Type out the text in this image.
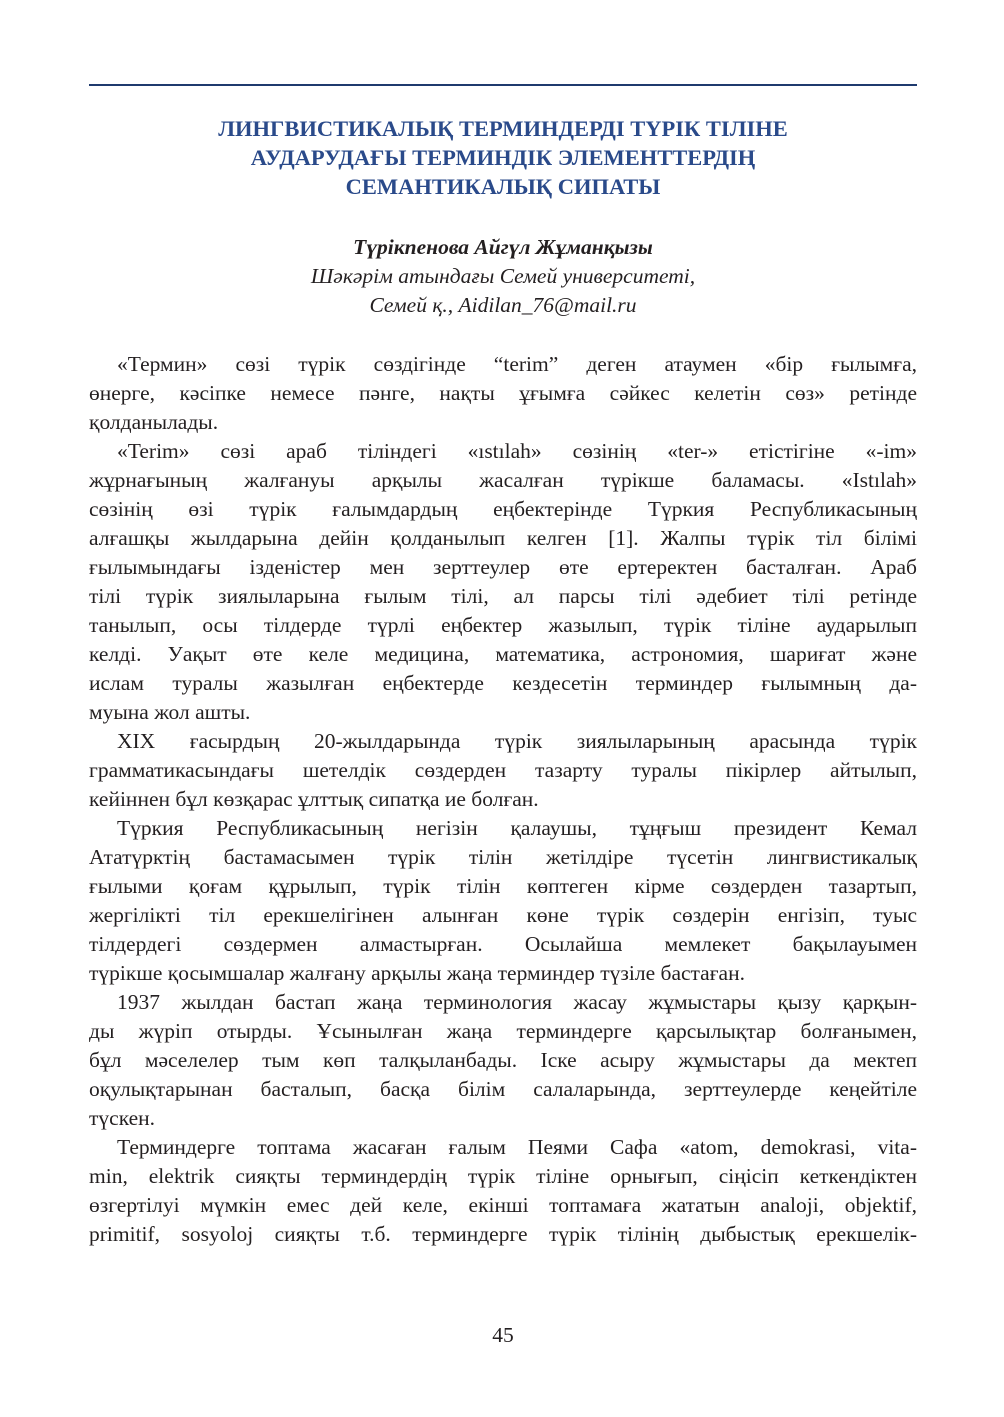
ЛИНГВИСТИКАЛЫҚ ТЕРМИНДЕРДІ ТҮРІК ТІЛІНЕ
АУДАРУДАҒЫ ТЕРМИНДІК ЭЛЕМЕНТТЕРДІҢ
СЕМАНТИКАЛЫҚ СИПАТЫ
Түрікпенова Айгүл Жұманқызы
Шәкәрім атындағы Семей университеті,
Семей қ., Aidilan_76@mail.ru
«Термин» сөзі түрік сөздігінде “terim” деген атаумен «бір ғылымға,
өнерге, кәсіпке немесе пәнге, нақты ұғымға сәйкес келетін сөз» ретінде
қолданылады.
«Terim» сөзі араб тіліндегі «ıstılah» сөзінің «ter-» етістігіне «-im»
жұрнағының жалғануы арқылы жасалған түрікше баламасы. «Istılah»
сөзінің өзі түрік ғалымдардың еңбектерінде Түркия Республикасының
алғашқы жылдарына дейін қолданылып келген [1]. Жалпы түрік тіл білімі
ғылымындағы ізденістер мен зерттеулер өте ертеректен басталған. Араб
тілі түрік зиялыларына ғылым тілі, ал парсы тілі әдебиет тілі ретінде
танылып, осы тілдерде түрлі еңбектер жазылып, түрік тіліне аударылып
келді. Уақыт өте келе медицина, математика, астрономия, шариғат және
ислам туралы жазылған еңбектерде кездесетін терминдер ғылымның да-
муына жол ашты.
XIX ғасырдың 20-жылдарында түрік зиялыларының арасында түрік
грамматикасындағы шетелдік сөздерден тазарту туралы пікірлер айтылып,
кейіннен бұл көзқарас ұлттық сипатқа ие болған.
Түркия Республикасының негізін қалаушы, тұңғыш президент Кемал
Ататүрктің бастамасымен түрік тілін жетілдіре түсетін лингвистикалық
ғылыми қоғам құрылып, түрік тілін көптеген кірме сөздерден тазартып,
жергілікті тіл ерекшелігінен алынған көне түрік сөздерін енгізіп, туыс
тілдердегі сөздермен алмастырған. Осылайша мемлекет бақылауымен
түрікше қосымшалар жалғану арқылы жаңа терминдер түзіле бастаған.
1937 жылдан бастап жаңа терминология жасау жұмыстары қызу қарқын-
ды жүріп отырды. Ұсынылған жаңа терминдерге қарсылықтар болғанымен,
бұл мәселелер тым көп талқыланбады. Іске асыру жұмыстары да мектеп
оқулықтарынан басталып, басқа білім салаларында, зерттеулерде кеңейтіле
түскен.
Терминдерге топтама жасаған ғалым Пеями Сафа «atom, demokrasi, vita-
min, elektrik сияқты терминдердің түрік тіліне орнығып, сіңісіп кеткендіктен
өзгертілуі мүмкін емес дей келе, екінші топтамаға жататын analoji, objektif,
primitif, sosyoloj сияқты т.б. терминдерге түрік тілінің дыбыстық ерекшелік-
45
